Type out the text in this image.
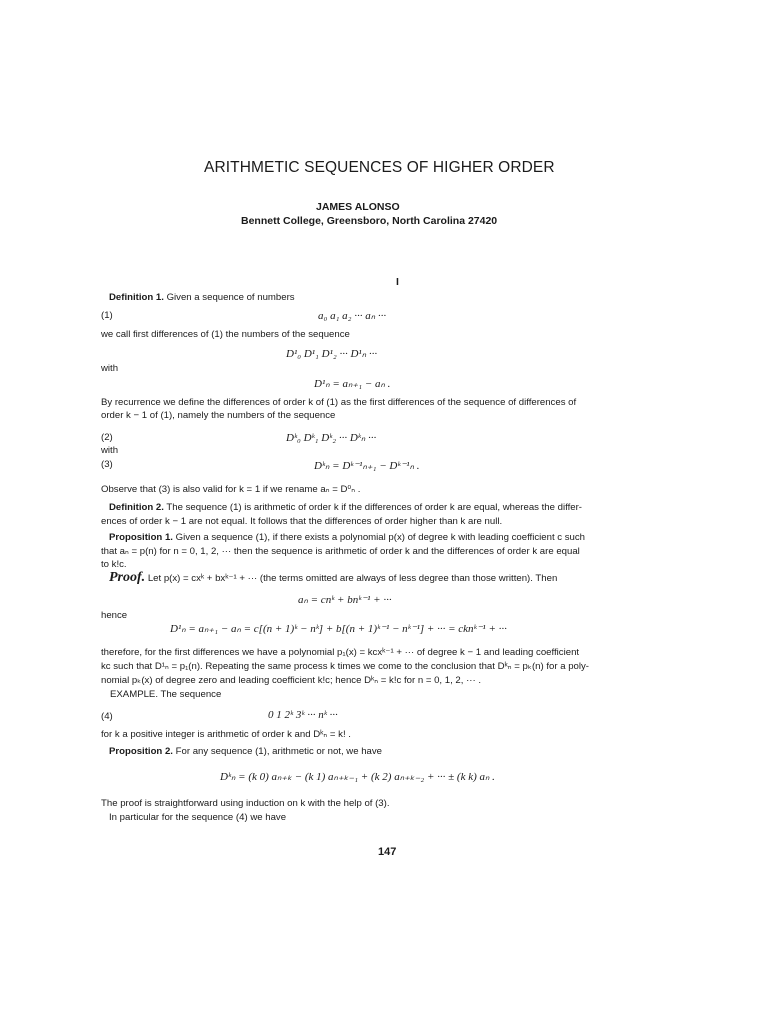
ARITHMETIC SEQUENCES OF HIGHER ORDER
JAMES ALONSO
Bennett College, Greensboro, North Carolina 27420
I
Definition 1. Given a sequence of numbers
(1)	a₀ a₁ a₂ ··· aₙ ···
we call first differences of (1) the numbers of the sequence
D¹₀ D¹₁ D¹₂ ··· D¹ₙ ···
with
D¹ₙ = aₙ₊₁ − aₙ .
By recurrence we define the differences of order k of (1) as the first differences of the sequence of differences of
order k − 1 of (1), namely the numbers of the sequence
(2)	Dᵏ₀ Dᵏ₁ Dᵏ₂ ··· Dᵏₙ ···
with
(3)	Dᵏₙ = Dᵏ⁻¹ₙ₊₁ − Dᵏ⁻¹ₙ .
Observe that (3) is also valid for k = 1 if we rename aₙ = D⁰ₙ .
Definition 2. The sequence (1) is arithmetic of order k if the differences of order k are equal, whereas the differ-
ences of order k − 1 are not equal. It follows that the differences of order higher than k are null.
Proposition 1. Given a sequence (1), if there exists a polynomial p(x) of degree k with leading coefficient c such
that aₙ = p(n) for n = 0, 1, 2, ··· then the sequence is arithmetic of order k and the differences of order k are equal
to k!c.
Proof. Let p(x) = cxᵏ + bxᵏ⁻¹ + ··· (the terms omitted are always of less degree than those written). Then
aₙ = cnᵏ + bnᵏ⁻¹ + ···
hence
D¹ₙ = aₙ₊₁ − aₙ = c[(n + 1)ᵏ − nᵏ] + b[(n + 1)ᵏ⁻¹ − nᵏ⁻¹] + ··· = cknᵏ⁻¹ + ···
therefore, for the first differences we have a polynomial p₁(x) = kcxᵏ⁻¹ + ··· of degree k − 1 and leading coefficient
kc such that D¹ₙ = p₁(n). Repeating the same process k times we come to the conclusion that Dᵏₙ = pₖ(n) for a poly-
nomial pₖ(x) of degree zero and leading coefficient k!c; hence Dᵏₙ = k!c for n = 0, 1, 2, ··· .
EXAMPLE. The sequence
(4)	0 1 2ᵏ 3ᵏ ··· nᵏ ···
for k a positive integer is arithmetic of order k and Dᵏₙ = k! .
Proposition 2. For any sequence (1), arithmetic or not, we have
Dᵏₙ = (k 0) aₙ₊ₖ − (k 1) aₙ₊ₖ₋₁ + (k 2) aₙ₊ₖ₋₂ + ··· ± (k k) aₙ .
The proof is straightforward using induction on k with the help of (3).
In particular for the sequence (4) we have
147
